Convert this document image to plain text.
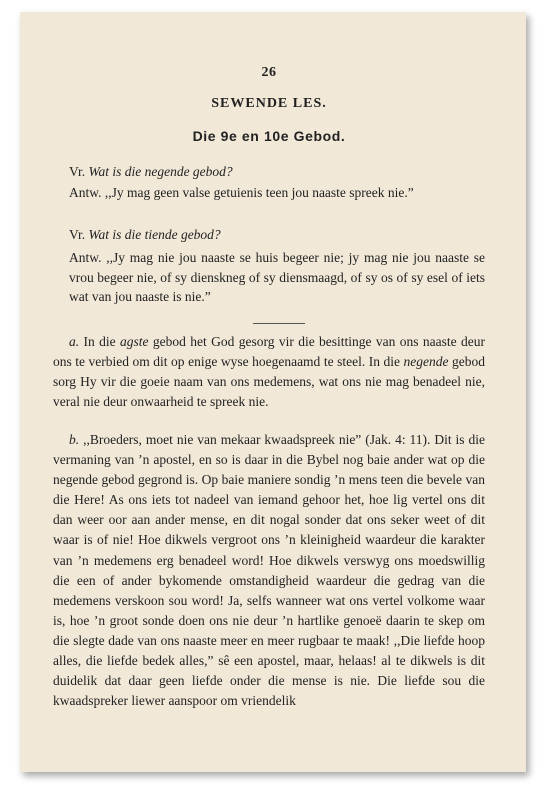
26
SEWENDE LES.
Die 9e en 10e Gebod.
Vr. Wat is die negende gebod?
Antw. ,,Jy mag geen valse getuienis teen jou naaste spreek nie.”
Vr. Wat is die tiende gebod?
Antw. ,,Jy mag nie jou naaste se huis begeer nie; jy mag nie jou naaste se vrou begeer nie, of sy dienskneg of sy diensmaagd, of sy os of sy esel of iets wat van jou naaste is nie.”
a. In die agste gebod het God gesorg vir die besittinge van ons naaste deur ons te verbied om dit op enige wyse hoegenaamd te steel. In die negende gebod sorg Hy vir die goeie naam van ons medemens, wat ons nie mag benadeel nie, veral nie deur onwaarheid te spreek nie.
b. ,,Broeders, moet nie van mekaar kwaadspreek nie” (Jak. 4: 11). Dit is die vermaning van ’n apostel, en so is daar in die Bybel nog baie ander wat op die negende gebod gegrond is. Op baie maniere sondig ’n mens teen die bevele van die Here! As ons iets tot nadeel van iemand gehoor het, hoe lig vertel ons dit dan weer oor aan ander mense, en dit nogal sonder dat ons seker weet of dit waar is of nie! Hoe dikwels vergroot ons ’n kleinigheid waardeur die karakter van ’n medemens erg benadeel word! Hoe dikwels verswyg ons moedswillig die een of ander bykomende omstandigheid waardeur die gedrag van die medemens verskoon sou word! Ja, selfs wanneer wat ons vertel volkome waar is, hoe ’n groot sonde doen ons nie deur ’n hartlike genoeë daarin te skep om die slegte dade van ons naaste meer en meer rugbaar te maak! ,,Die liefde hoop alles, die liefde bedek alles,” sê een apostel, maar, helaas! al te dikwels is dit duidelik dat daar geen liefde onder die mense is nie. Die liefde sou die kwaadspreker liewer aanspoor om vriendelik
